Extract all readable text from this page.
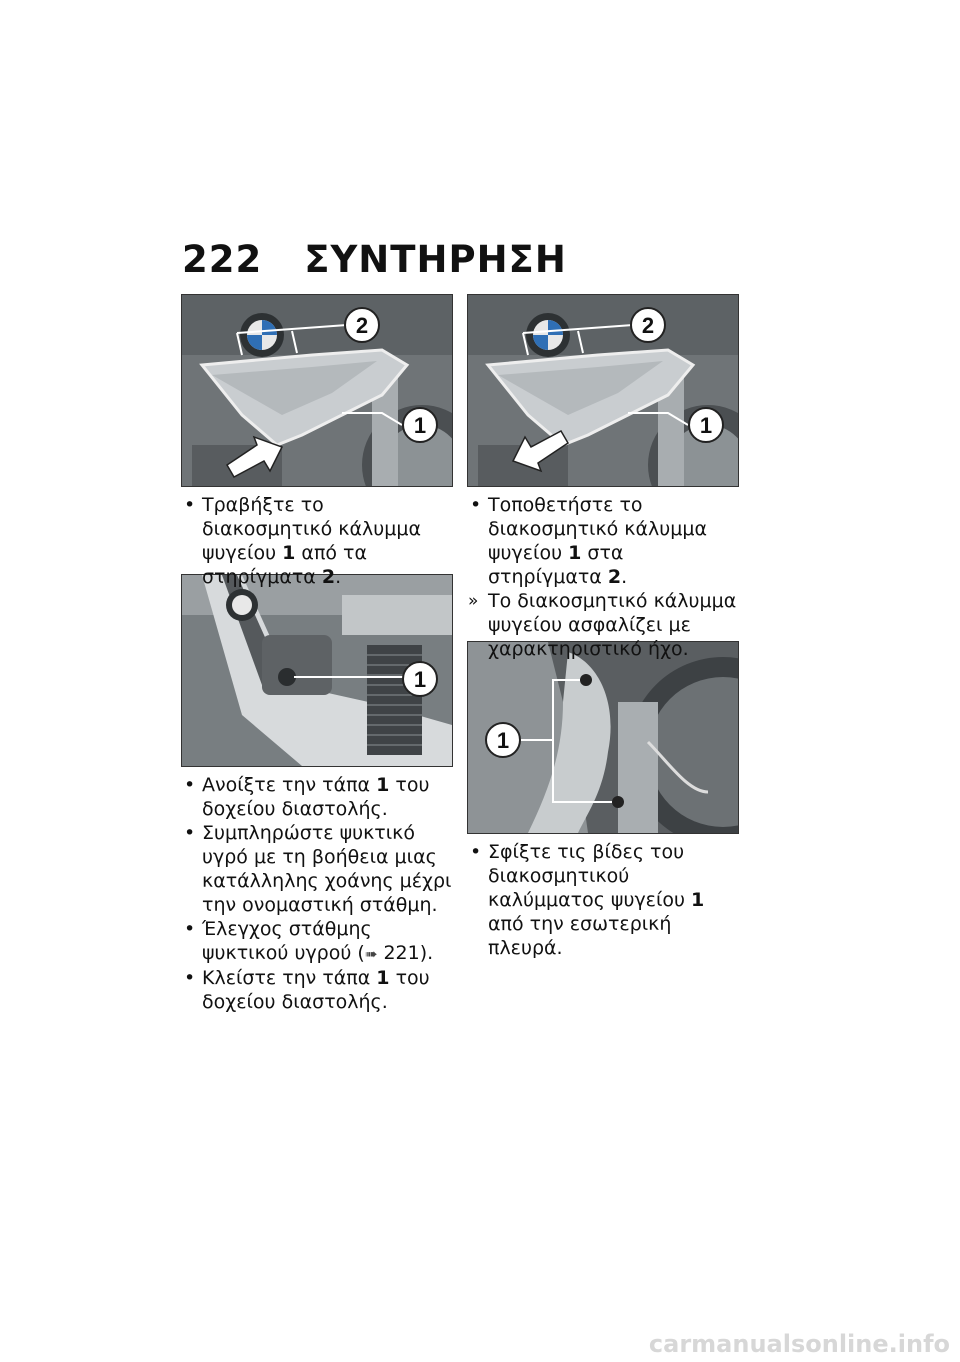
222 ΣΥΝΤΗΡΗΣΗ
2
1
2
1
1
1
• Τραβήξτε το διακοσμητικό κάλυμμα ψυγείου 1 από τα στηρίγματα 2.
• Ανοίξτε την τάπα 1 του δοχείου διαστολής.
• Συμπληρώστε ψυκτικό υγρό με τη βοήθεια μιας κατάλληλης χοάνης μέχρι την ονομαστική στάθμη.
• Έλεγχος στάθμης ψυκτικού υγρού (➠ 221).
• Κλείστε την τάπα 1 του δοχείου διαστολής.
• Τοποθετήστε το διακοσμητικό κάλυμμα ψυγείου 1 στα στηρίγματα 2.
» Το διακοσμητικό κάλυμμα ψυγείου ασφαλίζει με χαρακτηριστικό ήχο.
• Σφίξτε τις βίδες του διακοσμητικού καλύμματος ψυγείου 1 από την εσωτερική πλευρά.
carmanualsonline.info
